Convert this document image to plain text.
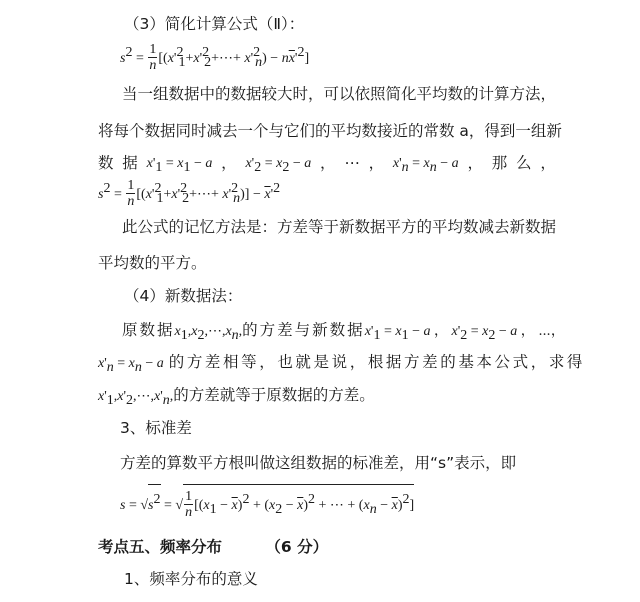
（3）简化计算公式（Ⅱ）：
$s^2 = \frac{1}{n}$ $[(x'^2_1+x'^2_2+\cdots+ x'^2_n) - n\overline{x}'^2]$
当一组数据中的数据较大时，可以依照简化平均数的计算方法，
将每个数据同时减去一个与它们的平均数接近的常数 a，得到一组新
数 据 $x'_1 = x_1 - a$ ， $x'_2 = x_2 - a$ ， ⋯ ， $x'_n = x_n - a$ ， 那 么 ，
$s^2 = \frac{1}{n}$ $[(x'^2_1+x'^2_2+\cdots+ x'^2_n)] - \overline{x}'^2$
此公式的记忆方法是：方差等于新数据平方的平均数减去新数据
平均数的平方。
（4）新数据法：
原数据$x_1,x_2,\cdots,x_n$,的方差与新数据$x'_1 = x_1 - a$ ， $x'_2 = x_2 - a$ ， ⋯，
$x'_n = x_n - a$ 的方差相等，也就是说，根据方差的基本公式，求得
$x'_1,x'_2,\cdots,x'_n$,的方差就等于原数据的方差。
3、标准差
方差的算数平方根叫做这组数据的标准差，用“s”表示，即
$s = √s^2$ = √ $\frac{1}{n} [(x_1 - \overline{x})^2 + (x_2 - \overline{x})^2$ + ⋯ + $(x_n - \overline{x})^2$]
考点五、频率分布	（6 分）
1、频率分布的意义
